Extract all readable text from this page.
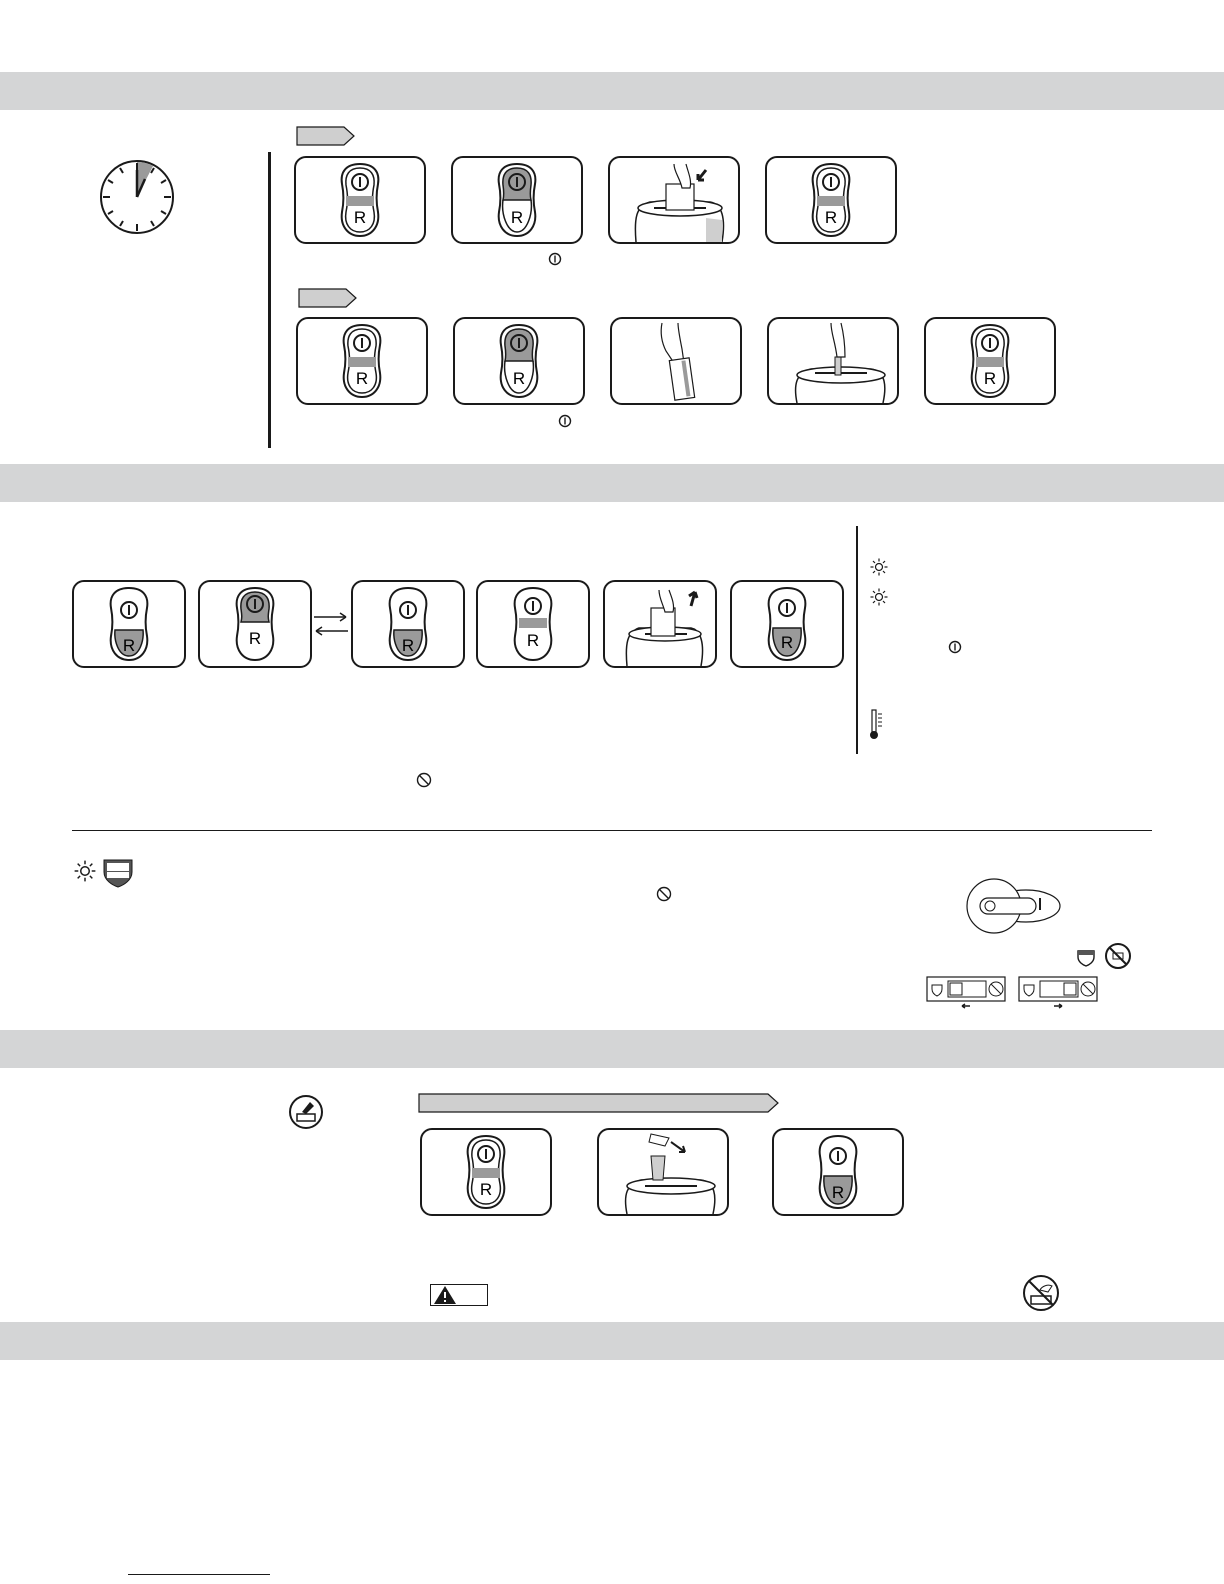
R	R	R
R	R	R
R	R	R	R	R
R	R
